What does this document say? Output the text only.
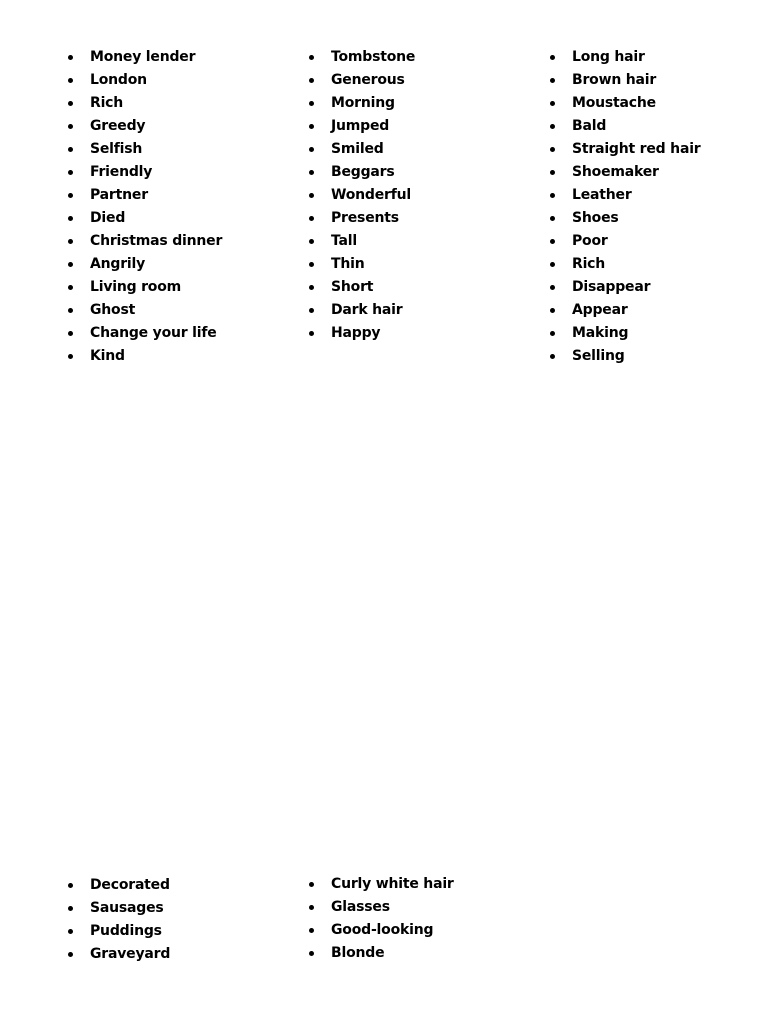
Money lender
London
Rich
Greedy
Selfish
Friendly
Partner
Died
Christmas dinner
Angrily
Living room
Ghost
Change your life
Kind
Tombstone
Generous
Morning
Jumped
Smiled
Beggars
Wonderful
Presents
Tall
Thin
Short
Dark hair
Happy
Long hair
Brown hair
Moustache
Bald
Straight red hair
Shoemaker
Leather
Shoes
Poor
Rich
Disappear
Appear
Making
Selling
Decorated
Sausages
Puddings
Graveyard
Curly white hair
Glasses
Good-looking
Blonde
